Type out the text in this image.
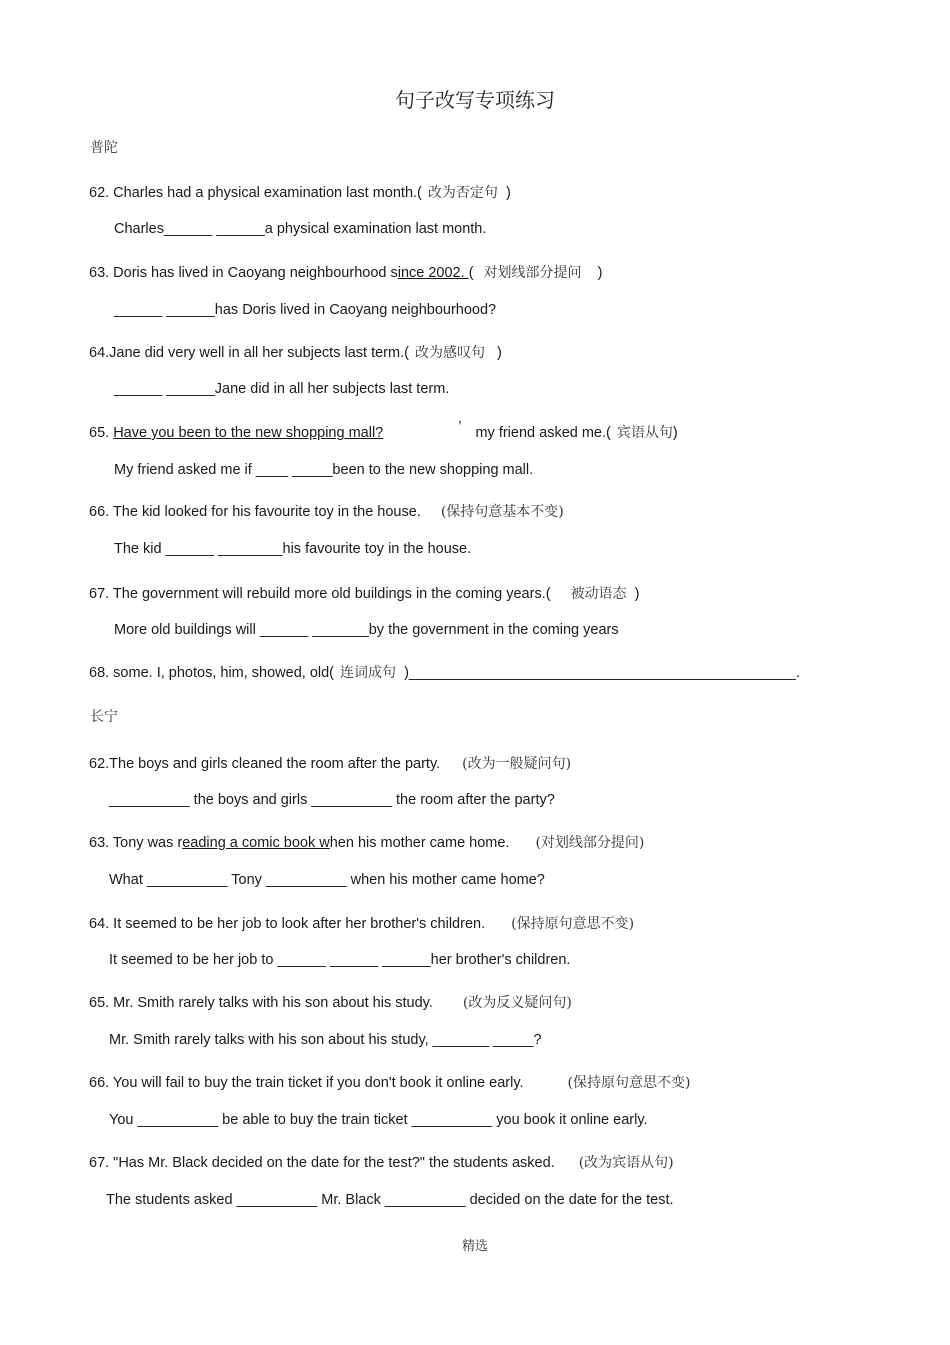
句子改写专项练习
普陀
62. Charles had a physical examination last month.( 改为否定句 )
Charles______ ______a physical examination last month.
63. Doris has lived in Caoyang neighbourhood since 2002. ( 对划线部分提问 )
______ ______has Doris lived in Caoyang neighbourhood?
64.Jane did very well in all her subjects last term.( 改为感叹句 )
______ ______Jane did in all her subjects last term.
65. Have you been to the new shopping mall?	’ my friend asked me.( 宾语从句)
My friend asked me if ____ _____been to the new shopping mall.
66. The kid looked for his favourite toy in the house. (保持句意基本不变)
The kid ______ ________his favourite toy in the house.
67. The government will rebuild more old buildings in the coming years.( 被动语态 )
More old buildings will ______ _______by the government in the coming years
68. some. I, photos, him, showed, old( 连词成句 )________________________________________________.
长宁
62.The boys and girls cleaned the room after the party. (改为一般疑问句)
__________ the boys and girls __________ the room after the party?
63. Tony was reading a comic book when his mother came home. (对划线部分提问)
What __________ Tony __________ when his mother came home?
64. It seemed to be her job to look after her brother's children. (保持原句意思不变)
It seemed to be her job to ______ ______ ______her brother's children.
65. Mr. Smith rarely talks with his son about his study. (改为反义疑问句)
Mr. Smith rarely talks with his son about his study, _______ _____?
66. You will fail to buy the train ticket if you don't book it online early.	(保持原句意思不变)
You __________ be able to buy the train ticket __________ you book it online early.
67. "Has Mr. Black decided on the date for the test?" the students asked. (改为宾语从句)
The students asked __________ Mr. Black __________ decided on the date for the test.
精选
